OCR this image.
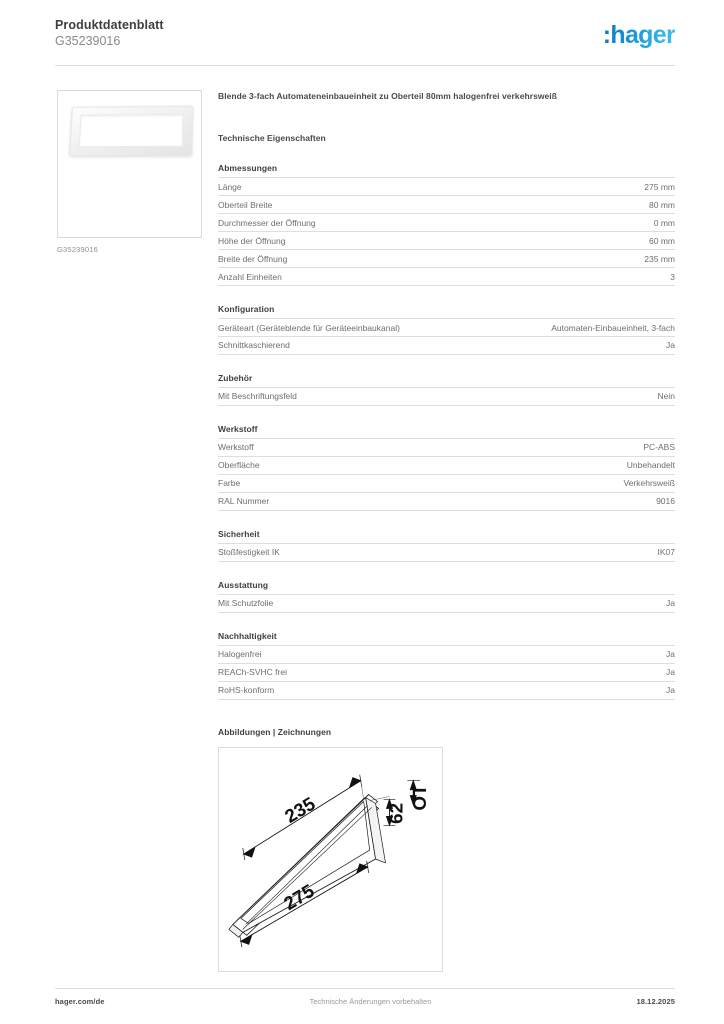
Produktdatenblatt
G35239016	:hager
G35239016
Blende 3-fach Automateneinbaueinheit zu Oberteil 80mm halogenfrei verkehrsweiß
Technische Eigenschaften
Abmessungen
Länge	275 mm
Oberteil Breite	80 mm
Durchmesser der Öffnung	0 mm
Höhe der Öffnung	60 mm
Breite der Öffnung	235 mm
Anzahl Einheiten	3
Konfiguration
Geräteart (Geräteblende für Geräteeinbaukanal)	Automaten-Einbaueinheit, 3-fach
Schnittkaschierend	Ja
Zubehör
Mit Beschriftungsfeld	Nein
Werkstoff
Werkstoff	PC-ABS
Oberfläche	Unbehandelt
Farbe	Verkehrsweiß
RAL Nummer	9016
Sicherheit
Stoßfestigkeit IK	IK07
Ausstattung
Mit Schutzfolie	Ja
Nachhaltigkeit
Halogenfrei	Ja
REACh-SVHC frei	Ja
RoHS-konform	Ja
Abbildungen | Zeichnungen
235
275
62
OT
hager.com/de	Technische Änderungen vorbehalten	18.12.2025
